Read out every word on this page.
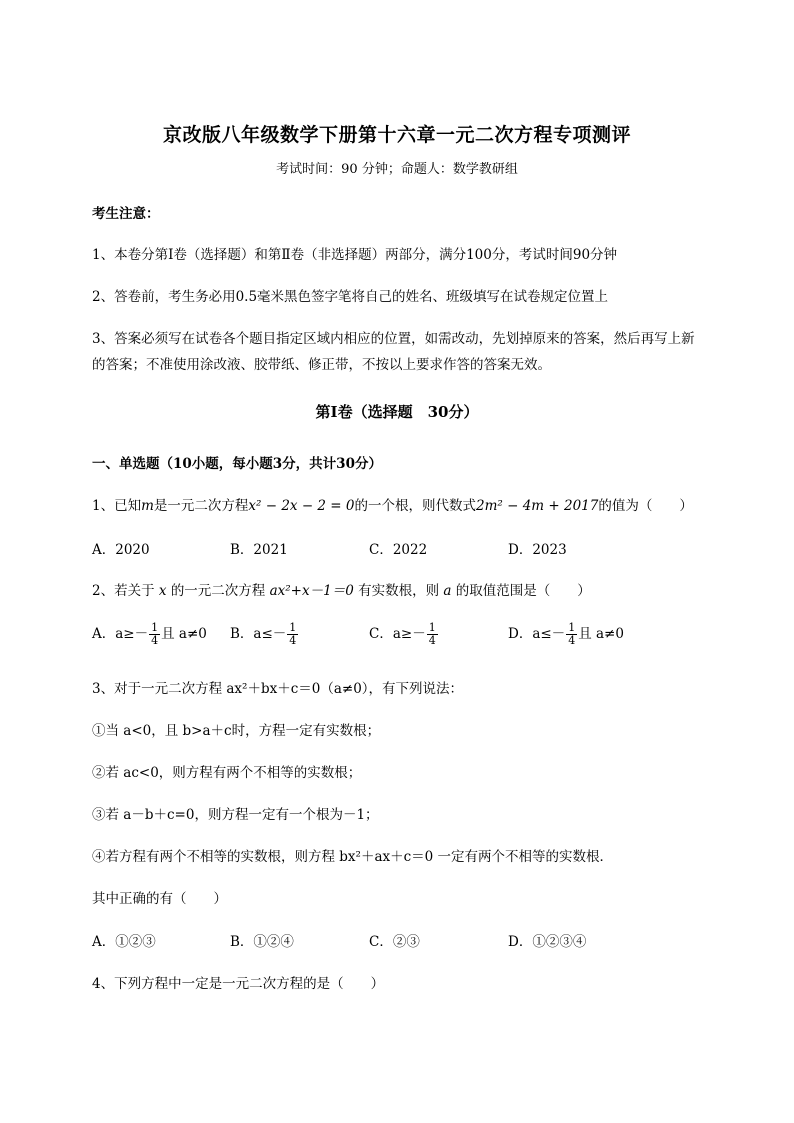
京改版八年级数学下册第十六章一元二次方程专项测评
考试时间：90 分钟；命题人：数学教研组
考生注意：
1、本卷分第I卷（选择题）和第Ⅱ卷（非选择题）两部分，满分100分，考试时间90分钟
2、答卷前，考生务必用0.5毫米黑色签字笔将自己的姓名、班级填写在试卷规定位置上
3、答案必须写在试卷各个题目指定区域内相应的位置，如需改动，先划掉原来的答案，然后再写上新
的答案；不准使用涂改液、胶带纸、修正带，不按以上要求作答的答案无效。
第I卷（选择题　30分）
一、单选题（10小题，每小题3分，共计30分）
1、已知m是一元二次方程x² − 2x − 2 = 0的一个根，则代数式2m² − 4m + 2017的值为（　　）
A．2020	B．2021	C．2022	D．2023
2、若关于 x 的一元二次方程 ax²+x－1＝0 有实数根，则 a 的取值范围是（　　）
A．$a\ge- \frac{1}{4}$ 且 a≠0 B．$a\le- \frac{1}{4}$	C．$a\ge- \frac{1}{4}$	D．$a\le- \frac{1}{4}$ 且 a≠0
3、对于一元二次方程 ax²＋bx＋c＝0（a≠0），有下列说法：
①当 a<0，且 b>a＋c时，方程一定有实数根；
②若 ac<0，则方程有两个不相等的实数根；
③若 a－b＋c=0，则方程一定有一个根为－1；
④若方程有两个不相等的实数根，则方程 bx²＋ax＋c＝0 一定有两个不相等的实数根．
其中正确的有（　　）
A．①②③	B．①②④	C．②③	D．①②③④
4、下列方程中一定是一元二次方程的是（　　）
